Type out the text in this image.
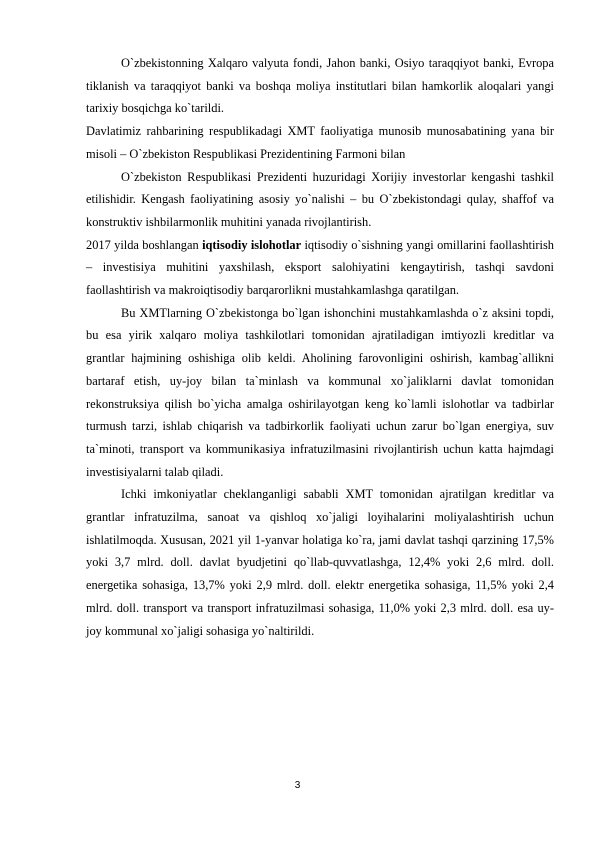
O`zbekistonning Xalqaro valyuta fondi, Jahon banki, Osiyo taraqqiyot banki, Evropa tiklanish va taraqqiyot banki va boshqa moliya institutlari bilan hamkorlik aloqalari yangi tarixiy bosqichga ko`tarildi.

Davlatimiz rahbarining respublikadagi XMT faoliyatiga munosib munosabatining yana bir misoli – O`zbekiston Respublikasi Prezidentining Farmoni bilan

O`zbekiston Respublikasi Prezidenti huzuridagi Xorijiy investorlar kengashi tashkil etilishidir. Kengash faoliyatining asosiy yo`nalishi – bu O`zbekistondagi qulay, shaffof va konstruktiv ishbilarmonlik muhitini yanada rivojlantirish.

2017 yilda boshlangan iqtisodiy islohotlar iqtisodiy o`sishning yangi omillarini faollashtirish – investisiya muhitini yaxshilash, eksport salohiyatini kengaytirish, tashqi savdoni faollashtirish va makroiqtisodiy barqarorlikni mustahkamlashga qaratilgan.

Bu XMTlarning O`zbekistonga bo`lgan ishonchini mustahkamlashda o`z aksini topdi, bu esa yirik xalqaro moliya tashkilotlari tomonidan ajratiladigan imtiyozli kreditlar va grantlar hajmining oshishiga olib keldi. Aholining farovonligini oshirish, kambag`allikni bartaraf etish, uy-joy bilan ta`minlash va kommunal xo`jaliklarni davlat tomonidan rekonstruksiya qilish bo`yicha amalga oshirilayotgan keng ko`lamli islohotlar va tadbirlar turmush tarzi, ishlab chiqarish va tadbirkorlik faoliyati uchun zarur bo`lgan energiya, suv ta`minoti, transport va kommunikasiya infratuzilmasini rivojlantirish uchun katta hajmdagi investisiyalarni talab qiladi.

Ichki imkoniyatlar cheklanganligi sababli XMT tomonidan ajratilgan kreditlar va grantlar infratuzilma, sanoat va qishloq xo`jaligi loyihalarini moliyalashtirish uchun ishlatilmoqda. Xususan, 2021 yil 1-yanvar holatiga ko`ra, jami davlat tashqi qarzining 17,5% yoki 3,7 mlrd. doll. davlat byudjetini qo`llab-quvvatlashga, 12,4% yoki 2,6 mlrd. doll. energetika sohasiga, 13,7% yoki 2,9 mlrd. doll. elektr energetika sohasiga, 11,5% yoki 2,4 mlrd. doll. transport va transport infratuzilmasi sohasiga, 11,0% yoki 2,3 mlrd. doll. esa uy-joy kommunal xo`jaligi sohasiga yo`naltirildi.

3
